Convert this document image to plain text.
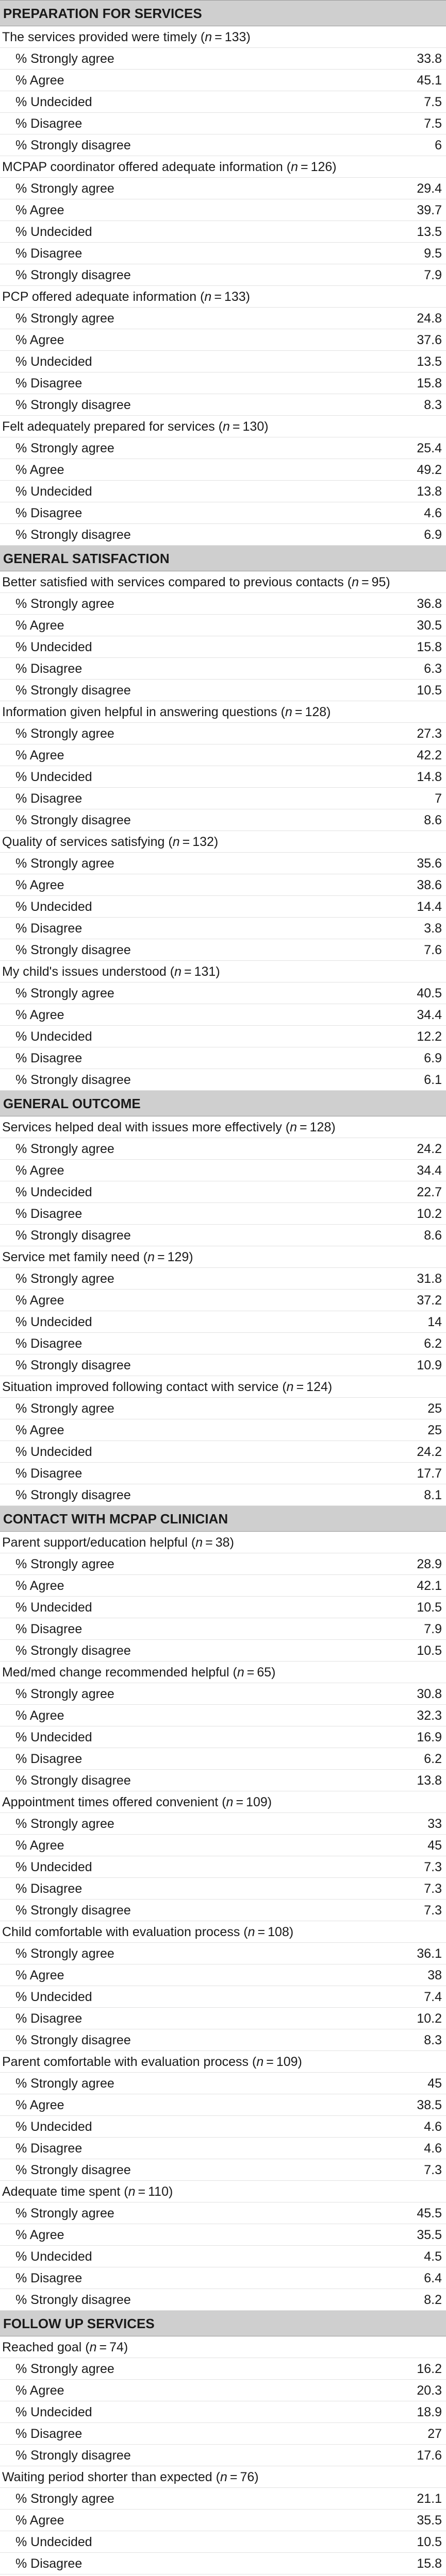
PREPARATION FOR SERVICES
The services provided were timely (n = 133)
% Strongly agree	33.8
% Agree	45.1
% Undecided	7.5
% Disagree	7.5
% Strongly disagree	6
MCPAP coordinator offered adequate information (n = 126)
% Strongly agree	29.4
% Agree	39.7
% Undecided	13.5
% Disagree	9.5
% Strongly disagree	7.9
PCP offered adequate information (n = 133)
% Strongly agree	24.8
% Agree	37.6
% Undecided	13.5
% Disagree	15.8
% Strongly disagree	8.3
Felt adequately prepared for services (n = 130)
% Strongly agree	25.4
% Agree	49.2
% Undecided	13.8
% Disagree	4.6
% Strongly disagree	6.9
GENERAL SATISFACTION
Better satisfied with services compared to previous contacts (n = 95)
% Strongly agree	36.8
% Agree	30.5
% Undecided	15.8
% Disagree	6.3
% Strongly disagree	10.5
Information given helpful in answering questions (n = 128)
% Strongly agree	27.3
% Agree	42.2
% Undecided	14.8
% Disagree	7
% Strongly disagree	8.6
Quality of services satisfying (n = 132)
% Strongly agree	35.6
% Agree	38.6
% Undecided	14.4
% Disagree	3.8
% Strongly disagree	7.6
My child's issues understood (n = 131)
% Strongly agree	40.5
% Agree	34.4
% Undecided	12.2
% Disagree	6.9
% Strongly disagree	6.1
GENERAL OUTCOME
Services helped deal with issues more effectively (n = 128)
% Strongly agree	24.2
% Agree	34.4
% Undecided	22.7
% Disagree	10.2
% Strongly disagree	8.6
Service met family need (n = 129)
% Strongly agree	31.8
% Agree	37.2
% Undecided	14
% Disagree	6.2
% Strongly disagree	10.9
Situation improved following contact with service (n = 124)
% Strongly agree	25
% Agree	25
% Undecided	24.2
% Disagree	17.7
% Strongly disagree	8.1
CONTACT WITH MCPAP CLINICIAN
Parent support/education helpful (n = 38)
% Strongly agree	28.9
% Agree	42.1
% Undecided	10.5
% Disagree	7.9
% Strongly disagree	10.5
Med/med change recommended helpful (n = 65)
% Strongly agree	30.8
% Agree	32.3
% Undecided	16.9
% Disagree	6.2
% Strongly disagree	13.8
Appointment times offered convenient (n = 109)
% Strongly agree	33
% Agree	45
% Undecided	7.3
% Disagree	7.3
% Strongly disagree	7.3
Child comfortable with evaluation process (n = 108)
% Strongly agree	36.1
% Agree	38
% Undecided	7.4
% Disagree	10.2
% Strongly disagree	8.3
Parent comfortable with evaluation process (n = 109)
% Strongly agree	45
% Agree	38.5
% Undecided	4.6
% Disagree	4.6
% Strongly disagree	7.3
Adequate time spent (n = 110)
% Strongly agree	45.5
% Agree	35.5
% Undecided	4.5
% Disagree	6.4
% Strongly disagree	8.2
FOLLOW UP SERVICES
Reached goal (n = 74)
% Strongly agree	16.2
% Agree	20.3
% Undecided	18.9
% Disagree	27
% Strongly disagree	17.6
Waiting period shorter than expected (n = 76)
% Strongly agree	21.1
% Agree	35.5
% Undecided	10.5
% Disagree	15.8
